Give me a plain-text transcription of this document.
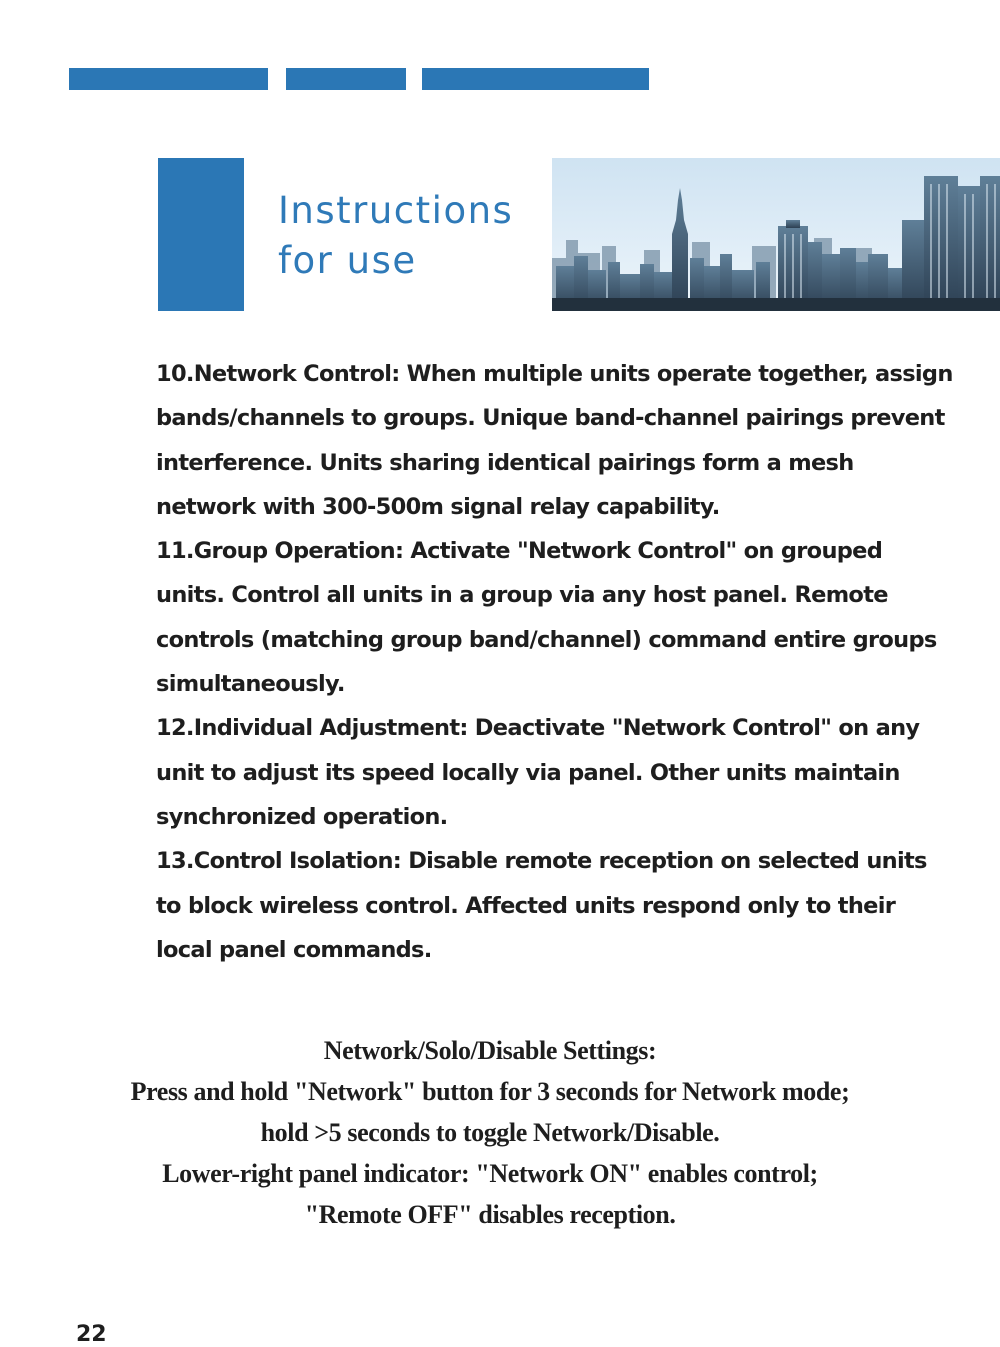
Instructions
for use

10.Network Control: When multiple units operate together, assign bands/channels to groups. Unique band-channel pairings prevent interference. Units sharing identical pairings form a mesh network with 300-500m signal relay capability.

11.Group Operation: Activate "Network Control" on grouped units. Control all units in a group via any host panel. Remote controls (matching group band/channel) command entire groups simultaneously.

12.Individual Adjustment: Deactivate "Network Control" on any unit to adjust its speed locally via panel. Other units maintain synchronized operation.

13.Control Isolation: Disable remote reception on selected units to block wireless control. Affected units respond only to their local panel commands.

Network/Solo/Disable Settings:
Press and hold "Network" button for 3 seconds for Network mode;
hold >5 seconds to toggle Network/Disable.
Lower-right panel indicator: "Network ON" enables control;
"Remote OFF" disables reception.
22
